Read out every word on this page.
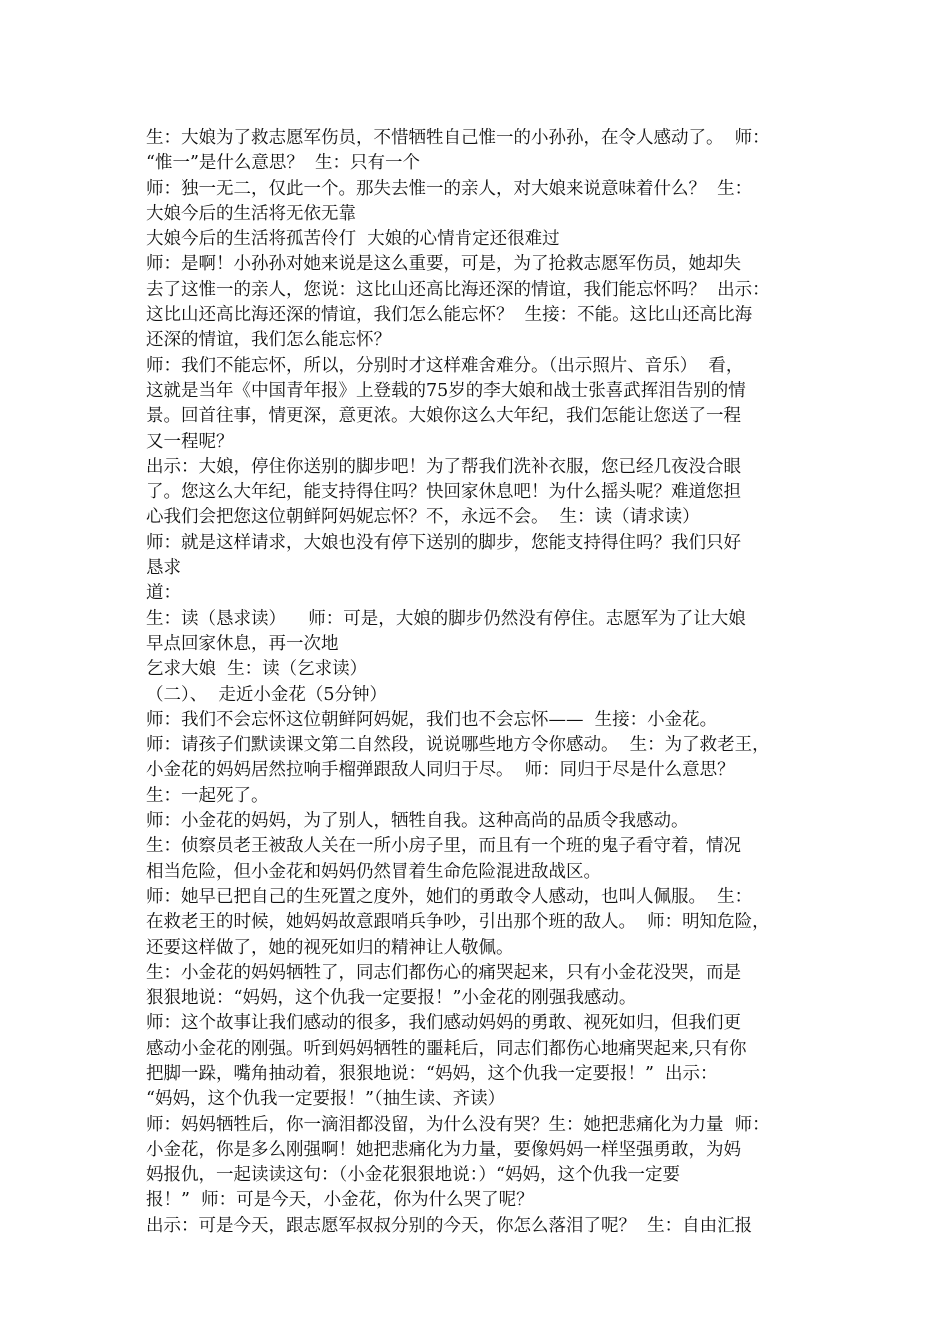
生：大娘为了救志愿军伤员，不惜牺牲自己惟一的小孙孙，在令人感动了。  师：
“惟一”是什么意思？  生：只有一个
师：独一无二，仅此一个。那失去惟一的亲人，对大娘来说意味着什么？  生：
大娘今后的生活将无依无靠
大娘今后的生活将孤苦伶仃  大娘的心情肯定还很难过
师：是啊！小孙孙对她来说是这么重要，可是，为了抢救志愿军伤员，她却失
去了这惟一的亲人，您说：这比山还高比海还深的情谊，我们能忘怀吗？  出示：
这比山还高比海还深的情谊，我们怎么能忘怀？  生接：不能。这比山还高比海
还深的情谊，我们怎么能忘怀？
师：我们不能忘怀，所以，分别时才这样难舍难分。（出示照片、音乐）  看，
这就是当年《中国青年报》上登载的75岁的李大娘和战士张喜武挥泪告别的情
景。回首往事，情更深，意更浓。大娘你这么大年纪，我们怎能让您送了一程
又一程呢？
出示：大娘，停住你送别的脚步吧！为了帮我们洗补衣服，您已经几夜没合眼
了。您这么大年纪，能支持得住吗？快回家休息吧！为什么摇头呢？难道您担
心我们会把您这位朝鲜阿妈妮忘怀？不，永远不会。  生：读（请求读）
师：就是这样请求，大娘也没有停下送别的脚步，您能支持得住吗？我们只好
恳求
道：
生：读（恳求读）    师：可是，大娘的脚步仍然没有停住。志愿军为了让大娘
早点回家休息，再一次地
乞求大娘  生：读（乞求读）
（二）、  走近小金花（5分钟）
师：我们不会忘怀这位朝鲜阿妈妮，我们也不会忘怀——  生接：小金花。
师：请孩子们默读课文第二自然段，说说哪些地方令你感动。  生：为了救老王，
小金花的妈妈居然拉响手榴弹跟敌人同归于尽。  师：同归于尽是什么意思？
生：一起死了。
师：小金花的妈妈，为了别人，牺牲自我。这种高尚的品质令我感动。
生：侦察员老王被敌人关在一所小房子里，而且有一个班的鬼子看守着，情况
相当危险，但小金花和妈妈仍然冒着生命危险混进敌战区。
师：她早已把自己的生死置之度外，她们的勇敢令人感动，也叫人佩服。  生：
在救老王的时候，她妈妈故意跟哨兵争吵，引出那个班的敌人。  师：明知危险，
还要这样做了，她的视死如归的精神让人敬佩。
生：小金花的妈妈牺牲了，同志们都伤心的痛哭起来，只有小金花没哭，而是
狠狠地说：“妈妈，这个仇我一定要报！”小金花的刚强我感动。
师：这个故事让我们感动的很多，我们感动妈妈的勇敢、视死如归，但我们更
感动小金花的刚强。听到妈妈牺牲的噩耗后，同志们都伤心地痛哭起来,只有你
把脚一跺，嘴角抽动着，狠狠地说：“妈妈，这个仇我一定要报！”  出示：
“妈妈，这个仇我一定要报！”（抽生读、齐读）
师：妈妈牺牲后，你一滴泪都没留，为什么没有哭？生：她把悲痛化为力量  师：
小金花，你是多么刚强啊！她把悲痛化为力量，要像妈妈一样坚强勇敢，为妈
妈报仇，一起读读这句：（小金花狠狠地说：）“妈妈，这个仇我一定要
报！”  师：可是今天，小金花，你为什么哭了呢？
出示：可是今天，跟志愿军叔叔分别的今天，你怎么落泪了呢？  生：自由汇报
